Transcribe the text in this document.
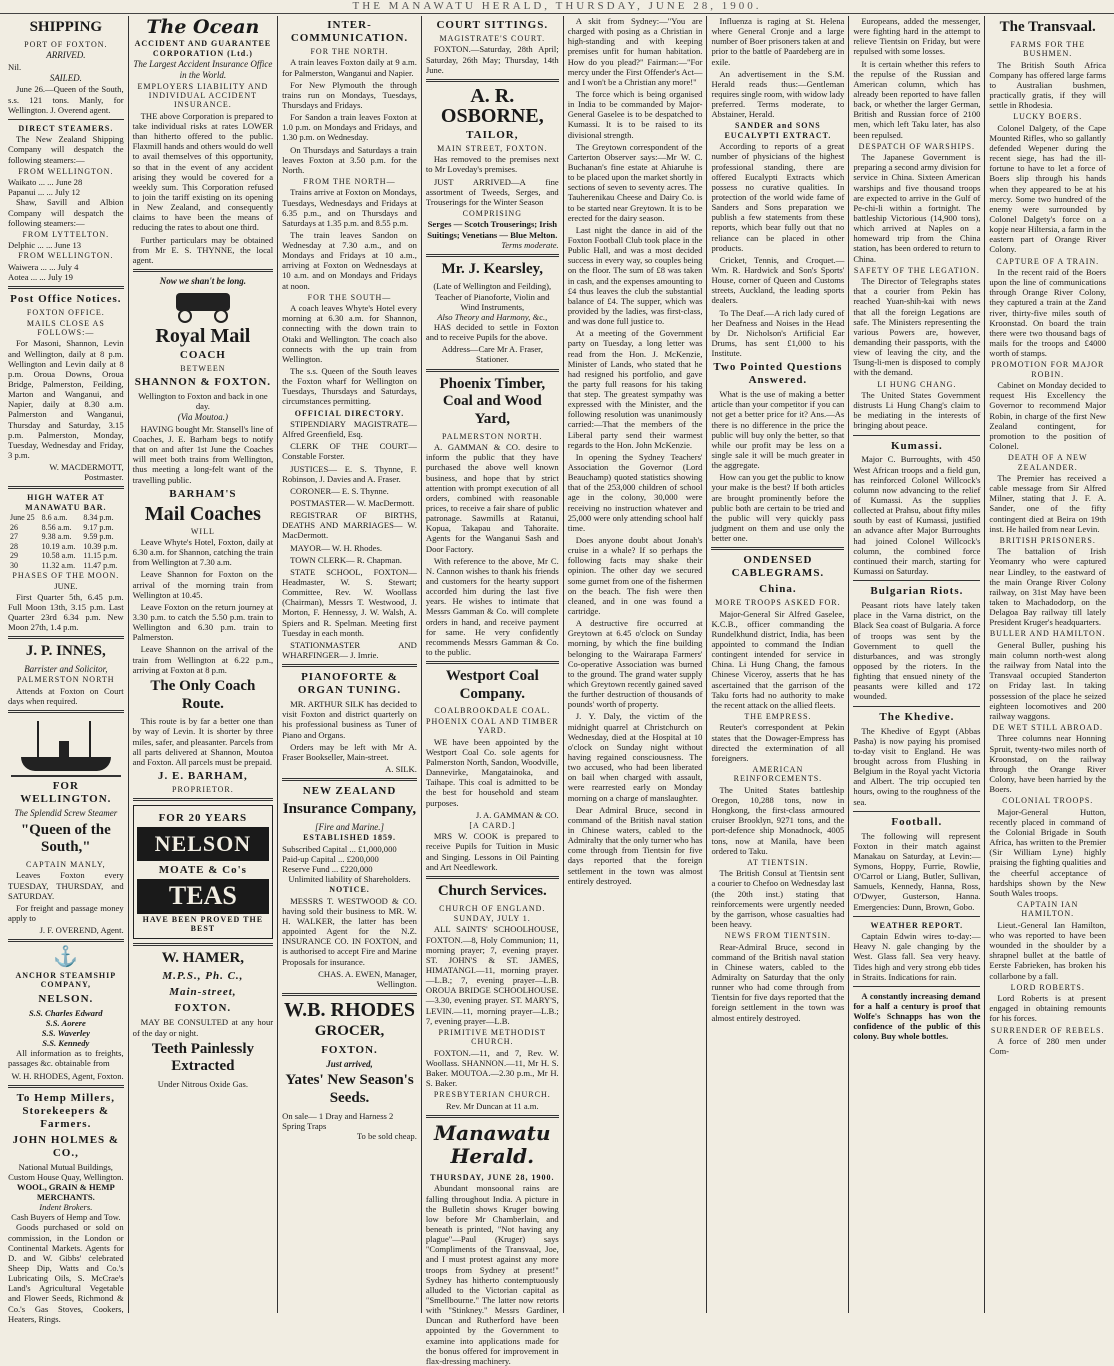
THE MANAWATU HERALD, THURSDAY, JUNE 28, 1900.
SHIPPING
PORT OF FOXTON.
ARRIVED.
Nil.
SAILED.

June 26.—Queen of the South, s.s. 121 tons. Manly, for Wellington. J. Overend agent.

DIRECT STEAMERS.

The New Zealand Shipping Company will despatch the following steamers:—

FROM WELLINGTON.
Waikato ... ... June 28
Papanui ... ... July 12

Shaw, Savill and Albion Company will despatch the following steamers:—

FROM LYTTELTON.
Delphic ... ... June 13
FROM WELLINGTON.
Waiwera ... ... July 4
Aotea ... ... July 19
Post Office Notices.
FOXTON OFFICE.
MAILS CLOSE AS FOLLOWS:—

For Masoni, Shannon, Levin and Wellington, daily at 8 p.m. Wellington and Levin daily at 8 p.m. Oroua Downs, Oroua Bridge, Palmerston, Feilding, Marton and Wanganui, and Napier, daily at 8.30 a.m. Palmerston and Wanganui, Thursday and Saturday, 3.15 p.m. Palmerston, Monday, Tuesday, Wednesday and Friday, 3 p.m.

W. MACDERMOTT, Postmaster.
HIGH WATER AT MANAWATU BAR.
June 25	8.6 a.m.	8.34 p.m.
26	8.56 a.m.	9.17 p.m.
27	9.38 a.m.	9.59 p.m.
28	10.19 a.m.	10.39 p.m.
29	10.58 a.m.	11.15 p.m.
30	11.32 a.m.	11.47 p.m.
PHASES OF THE MOON.
JUNE.

First Quarter 5th, 6.45 p.m. Full Moon 13th, 3.15 p.m. Last Quarter 23rd 6.34 p.m. New Moon 27th, 1.4 p.m.

J. P. INNES,
Barrister and Solicitor,
PALMERSTON NORTH

Attends at Foxton on Court days when required.

FOR WELLINGTON.
The Splendid Screw Steamer
"Queen of the South,"
CAPTAIN MANLY,

Leaves Foxton every TUESDAY, THURSDAY, and SATURDAY.

For freight and passage money apply to

J. F. OVEREND, Agent.
⚓
ANCHOR STEAMSHIP COMPANY,
NELSON.
S.S. Charles Edward
S.S. Aorere
S.S. Waverley
S.S. Kennedy

All information as to freights, passages &c. obtainable from

W. H. RHODES, Agent, Foxton.
To Hemp Millers, Storekeepers & Farmers.
JOHN HOLMES & CO.,
National Mutual Buildings, Custom House Quay, Wellington.
WOOL, GRAIN & HEMP MERCHANTS.
Indent Brokers.
Cash Buyers of Hemp and Tow.

Goods purchased or sold on commission, in the London or Continental Markets. Agents for D. and W. Gibbs' celebrated Sheep Dip, Watts and Co.'s Lubricating Oils, S. McCrae's Land's Agricultural Vegetable and Flower Seeds, Richmond & Co.'s Gas Stoves, Cookers, Heaters, Rings.

The Ocean
ACCIDENT AND GUARANTEE CORPORATION (Ltd.)
The Largest Accident Insurance Office in the World.
EMPLOYERS LIABILITY AND INDIVIDUAL ACCIDENT INSURANCE.

THE above Corporation is prepared to take individual risks at rates LOWER than hitherto offered to the public. Flaxmill hands and others would do well to avail themselves of this opportunity, so that in the event of any accident arising they would be covered for a weekly sum. This Corporation refused to join the tariff existing on its opening in New Zealand, and consequently claims to have been the means of reducing the rates to about one third.

Further particulars may be obtained from Mr E. S. THYNNE, the local agent.

Now we shan't be long.
Royal Mail
COACH
BETWEEN
SHANNON & FOXTON.
Wellington to Foxton and back in one day.
(Via Moutoa.)

HAVING bought Mr. Stansell's line of Coaches, J. E. Barham begs to notify that on and after 1st June the Coaches will meet both trains from Wellington, thus meeting a long-felt want of the travelling public.

BARHAM'S
Mail Coaches
WILL

Leave Whyte's Hotel, Foxton, daily at 6.30 a.m. for Shannon, catching the train from Wellington at 7.30 a.m.

Leave Shannon for Foxton on the arrival of the morning train from Wellington at 10.45.

Leave Foxton on the return journey at 3.30 p.m. to catch the 5.50 p.m. train to Wellington and 6.30 p.m. train to Palmerston.

Leave Shannon on the arrival of the train from Wellington at 6.22 p.m., arriving at Foxton at 8 p.m.

The Only Coach Route.

This route is by far a better one than by way of Levin. It is shorter by three miles, safer, and pleasanter. Parcels from all parts delivered at Shannon, Moutoa and Foxton. All parcels must be prepaid.

J. E. BARHAM,
PROPRIETOR.
FOR 20 YEARS
NELSON
MOATE & Co's
TEAS
HAVE BEEN PROVED THE BEST
W. HAMER,
M.P.S., Ph. C.,
Main-street,
FOXTON.

MAY BE CONSULTED at any hour of the day or night.

Teeth Painlessly Extracted
Under Nitrous Oxide Gas.
INTER-COMMUNICATION.
FOR THE NORTH.

A train leaves Foxton daily at 9 a.m. for Palmerston, Wanganui and Napier.

For New Plymouth the through trains run on Mondays, Tuesdays, Thursdays and Fridays.

For Sandon a train leaves Foxton at 1.0 p.m. on Mondays and Fridays, and 1.30 p.m. on Wednesday.

On Thursdays and Saturdays a train leaves Foxton at 3.50 p.m. for the North.

FROM THE NORTH—

Trains arrive at Foxton on Mondays, Tuesdays, Wednesdays and Fridays at 6.35 p.m., and on Thursdays and Saturdays at 1.35 p.m. and 8.55 p.m.

The train leaves Sandon on Wednesday at 7.30 a.m., and on Mondays and Fridays at 10 a.m., arriving at Foxton on Wednesdays at 10 a.m. and on Mondays and Fridays at noon.

FOR THE SOUTH—

A coach leaves Whyte's Hotel every morning at 6.30 a.m. for Shannon, connecting with the down train to Otaki and Wellington. The coach also connects with the up train from Wellington.

The s.s. Queen of the South leaves the Foxton wharf for Wellington on Tuesdays, Thursdays and Saturdays, circumstances permitting.

OFFICIAL DIRECTORY.

STIPENDIARY MAGISTRATE— Alfred Greenfield, Esq.

CLERK OF THE COURT— Constable Forster.

JUSTICES— E. S. Thynne, F. Robinson, J. Davies and A. Fraser.

CORONER— E. S. Thynne.

POSTMASTER— W. MacDermott.

REGISTRAR OF BIRTHS, DEATHS AND MARRIAGES— W. MacDermott.

MAYOR— W. H. Rhodes.

TOWN CLERK— R. Chapman.

STATE SCHOOL, FOXTON— Headmaster, W. S. Stewart; Committee, Rev. W. Woollass (Chairman), Messrs T. Westwood, J. Morton, F. Hennessy, J. W. Walsh, A. Spiers and R. Spelman. Meeting first Tuesday in each month.

STATIONMASTER AND WHARFINGER— J. Imrie.

PIANOFORTE & ORGAN TUNING.

MR. ARTHUR SILK has decided to visit Foxton and district quarterly on his professional business as Tuner of Piano and Organs.

Orders may be left with Mr A. Fraser Bookseller, Main-street.

A. SILK.
NEW ZEALAND
Insurance Company,
[Fire and Marine.]
ESTABLISHED 1859.
Subscribed Capital ... £1,000,000
Paid-up Capital ... £200,000
Reserve Fund ... £220,000
Unlimited liability of Shareholders.
NOTICE.

MESSRS T. WESTWOOD & CO. having sold their business to MR. W. H. WALKER, the latter has been appointed Agent for the N.Z. INSURANCE CO. IN FOXTON, and is authorised to accept Fire and Marine Proposals for insurance.

CHAS. A. EWEN, Manager, Wellington.
W.B. RHODES
GROCER,
FOXTON.
Just arrived,
Yates' New Season's Seeds.
On sale— 1 Dray and Harness 2 Spring Traps
To be sold cheap.
COURT SITTINGS.
MAGISTRATE'S COURT.

FOXTON.—Saturday, 28th April; Saturday, 26th May; Thursday, 14th June.

A. R. OSBORNE,
TAILOR,
MAIN STREET, FOXTON.

Has removed to the premises next to Mr Loveday's premises.

JUST ARRIVED—A fine assortment of Tweeds, Serges, and Trouserings for the Winter Season

COMPRISING
Serges — Scotch Trouserings; Irish Suitings; Venetians — Blue Melton.
Terms moderate.
Mr. J. Kearsley,
(Late of Wellington and Feilding), Teacher of Pianoforte, Violin and Wind Instruments,
Also Theory and Harmony, &c.,

HAS decided to settle in Foxton and to receive Pupils for the above.

Address—Care Mr A. Fraser, Stationer.
Phoenix Timber, Coal and Wood Yard,
PALMERSTON NORTH.

A. GAMMAN & CO. desire to inform the public that they have purchased the above well known business, and hope that by strict attention with prompt execution of all orders, combined with reasonable prices, to receive a fair share of public patronage. Sawmills at Ratanui, Kopua, Takapau and Tahoraite. Agents for the Wanganui Sash and Door Factory.

With reference to the above, Mr C. N. Cannon wishes to thank his friends and customers for the hearty support accorded him during the last five years. He wishes to intimate that Messrs Gamman & Co. will complete orders in hand, and receive payment for same. He very confidently recommends Messrs Gamman & Co. to the public.

Westport Coal Company.
COALBROOKDALE COAL.
PHOENIX COAL AND TIMBER YARD.

WE have been appointed by the Westport Coal Co. sole agents for Palmerston North, Sandon, Woodville, Dannevirke, Mangatainoka, and Taihape. This coal is admitted to be the best for household and steam purposes.

J. A. GAMMAN & CO.
[A CARD.]

MRS W. COOK is prepared to receive Pupils for Tuition in Music and Singing. Lessons in Oil Painting and Art Needlework.

Church Services.
CHURCH OF ENGLAND.
SUNDAY, JULY 1.

ALL SAINTS' SCHOOLHOUSE, FOXTON.—8, Holy Communion; 11, morning prayer; 7, evening prayer. ST. JOHN'S & ST. JAMES, HIMATANGI.—11, morning prayer.—L.B.; 7, evening prayer—L.B. OROUA BRIDGE SCHOOLHOUSE.—3.30, evening prayer. ST. MARY'S, LEVIN.—11, morning prayer—L.B.; 7, evening prayer—L.B.

PRIMITIVE METHODIST CHURCH.

FOXTON.—11, and 7, Rev. W. Woollass. SHANNON.—11, Mr H. S. Baker. MOUTOA.—2.30 p.m., Mr H. S. Baker.

PRESBYTERIAN CHURCH.
Rev. Mr Duncan at 11 a.m.
Manawatu Herald.
THURSDAY, JUNE 28, 1900.

Abundant monsoonal rains are falling throughout India. A picture in the Bulletin shows Kruger bowing low before Mr Chamberlain, and beneath is printed, "Not having any plague"—Paul (Kruger) says "Compliments of the Transvaal, Joe, and I must protest against any more troops from Sydney at present!" Sydney has hitherto contemptuously alluded to the Victorian capital as "Smellbourne." The latter now retorts with "Stinkney." Messrs Gardiner, Duncan and Rutherford have been appointed by the Government to examine into applications made for the bonus offered for improvement in flax-dressing machinery.

A skit from Sydney:—"You are charged with posing as a Christian in high-standing and with keeping premises unfit for human habitation. How do you plead?" Fairman:—"For mercy under the First Offender's Act—and I won't be a Christian any more!"

The force which is being organised in India to be commanded by Major-General Gaselee is to be despatched to Kumassi. It is to be raised to its divisional strength.

The Greytown correspondent of the Carterton Observer says:—Mr W. C. Buchanan's fine estate at Ahiaruhe is to be placed upon the market shortly in sections of seven to seventy acres. The Tauherenikau Cheese and Dairy Co. is to be started near Greytown. It is to be erected for the dairy season.

Last night the dance in aid of the Foxton Football Club took place in the Public Hall, and was a most decided success in every way, so couples being on the floor. The sum of £8 was taken in cash, and the expenses amounting to £4 thus leaves the club the substantial balance of £4. The supper, which was provided by the ladies, was first-class, and was done full justice to.

At a meeting of the Government party on Tuesday, a long letter was read from the Hon. J. McKenzie, Minister of Lands, who stated that he had resigned his portfolio, and gave the party full reasons for his taking that step. The greatest sympathy was expressed with the Minister, and the following resolution was unanimously carried:—That the members of the Liberal party send their warmest regards to the Hon. John McKenzie.

In opening the Sydney Teachers' Association the Governor (Lord Beauchamp) quoted statistics showing that of the 253,000 children of school age in the colony, 30,000 were receiving no instruction whatever and 25,000 were only attending school half time.

Does anyone doubt about Jonah's cruise in a whale? If so perhaps the following facts may shake their opinion. The other day we secured some gurnet from one of the fishermen on the beach. The fish were then cleaned, and in one was found a cartridge.

A destructive fire occurred at Greytown at 6.45 o'clock on Sunday morning, by which the fine building belonging to the Wairarapa Farmers' Co-operative Association was burned to the ground. The grand water supply which Greytown recently gained saved the further destruction of thousands of pounds' worth of property.

J. Y. Daly, the victim of the midnight quarrel at Christchurch on Wednesday, died at the Hospital at 10 o'clock on Sunday night without having regained consciousness. The two accused, who had been liberated on bail when charged with assault, were rearrested early on Monday morning on a charge of manslaughter.

Dear Admiral Bruce, second in command of the British naval station in Chinese waters, cabled to the Admiralty that the only turner who has come through from Tientsin for five days reported that the foreign settlement in the town was almost entirely destroyed.

Influenza is raging at St. Helena where General Cronje and a large number of Boer prisoners taken at and prior to the battle of Paardeberg are in exile.

An advertisement in the S.M. Herald reads thus:—Gentleman requires single room, with widow lady preferred. Terms moderate, to Abstainer, Herald.

SANDER and SONS EUCALYPTI EXTRACT.

According to reports of a great number of physicians of the highest professional standing, there are offered Eucalypti Extracts which possess no curative qualities. In protection of the world wide fame of Sanders and Sons preparation we publish a few statements from these reports, which bear fully out that no reliance can be placed in other products.

Cricket, Tennis, and Croquet.—Wm. R. Hardwick and Son's Sports' House, corner of Queen and Customs streets, Auckland, the leading sports dealers.

To The Deaf.—A rich lady cured of her Deafness and Noises in the Head by Dr. Nicholson's Artificial Ear Drums, has sent £1,000 to his Institute.

Two Pointed Questions Answered.

What is the use of making a better article than your competitor if you can not get a better price for it? Ans.—As there is no difference in the price the public will buy only the better, so that while our profit may be less on a single sale it will be much greater in the aggregate.

How can you get the public to know your make is the best? If both articles are brought prominently before the public both are certain to be tried and the public will very quickly pass judgment on them and use only the better one.

ONDENSED CABLEGRAMS.
China.
MORE TROOPS ASKED FOR.

Major-General Sir Alfred Gaselee, K.C.B., officer commanding the Rundelkhund district, India, has been appointed to command the Indian contingent intended for service in China. Li Hung Chang, the famous Chinese Viceroy, asserts that he has ascertained that the garrison of the Taku forts had no authority to make the recent attack on the allied fleets.

THE EMPRESS.

Reuter's correspondent at Pekin states that the Dowager-Empress has directed the extermination of all foreigners.

AMERICAN REINFORCEMENTS.

The United States battleship Oregon, 10,288 tons, now in Hongkong, the first-class armoured cruiser Brooklyn, 9271 tons, and the port-defence ship Monadnock, 4005 tons, now at Manila, have been ordered to Taku.

AT TIENTSIN.

The British Consul at Tientsin sent a courier to Chefoo on Wednesday last (the 20th inst.) stating that reinforcements were urgently needed by the garrison, whose casualties had been heavy.

NEWS FROM TIENTSIN.

Rear-Admiral Bruce, second in command of the British naval station in Chinese waters, cabled to the Admiralty on Saturday that the only runner who had come through from Tientsin for five days reported that the foreign settlement in the town was almost entirely destroyed.

Europeans, added the messenger, were fighting hard in the attempt to relieve Tientsin on Friday, but were repulsed with some losses.

It is certain whether this refers to the repulse of the Russian and American column, which has already been reported to have fallen back, or whether the larger German, British and Russian force of 2100 men, which left Taku later, has also been repulsed.

DESPATCH OF WARSHIPS.

The Japanese Government is preparing a second army division for service in China. Sixteen American warships and five thousand troops are expected to arrive in the Gulf of Pe-chi-li within a fortnight. The battleship Victorious (14,900 tons), which arrived at Naples on a homeward trip from the China station, has been ordered to return to China.

SAFETY OF THE LEGATION.

The Director of Telegraphs states that a courier from Pekin has reached Yuan-shih-kai with news that all the foreign Legations are safe. The Ministers representing the various Powers are, however, demanding their passports, with the view of leaving the city, and the Tsung-li-men is disposed to comply with the demand.

LI HUNG CHANG.

The United States Government distrusts Li Hung Chang's claim to be mediating in the interests of bringing about peace.

Kumassi.

Major C. Burroughts, with 450 West African troops and a field gun, has reinforced Colonel Willcock's column now advancing to the relief of Kumassi. As the supplies collected at Prahsu, about fifty miles south by east of Kumassi, justified an advance after Major Burroughts had joined Colonel Willcock's column, the combined force continued their march, starting for Kumassi on Saturday.

Bulgarian Riots.

Peasant riots have lately taken place in the Varna district, on the Black Sea coast of Bulgaria. A force of troops was sent by the Government to quell the disturbances, and was strongly opposed by the rioters. In the fighting that ensued ninety of the peasants were killed and 172 wounded.

The Khedive.

The Khedive of Egypt (Abbas Pasha) is now paying his promised to-day visit to England. He was brought across from Flushing in Belgium in the Royal yacht Victoria and Albert. The trip occupied ten hours, owing to the roughness of the sea.

Football.

The following will represent Foxton in their match against Manakau on Saturday, at Levin:—Symons, Hoppy, Furrie, Rowlie, O'Carrol or Liang, Butler, Sullivan, Samuels, Kennedy, Hanna, Ross, O'Dwyer, Gusterson, Hanna. Emergencies: Dunn, Brown, Gobo.

WEATHER REPORT.

Captain Edwin wires to-day:—Heavy N. gale changing by the West. Glass fall. Sea very heavy. Tides high and very strong ebb tides in Straits. Indications for rain.

A constantly increasing demand for a half a century is proof that Wolfe's Schnapps has won the confidence of the public of this colony. Buy whole bottles.

The Transvaal.
FARMS FOR THE BUSHMEN.

The British South Africa Company has offered large farms to Australian bushmen, practically gratis, if they will settle in Rhodesia.

LUCKY BOERS.

Colonel Dalgety, of the Cape Mounted Rifles, who so gallantly defended Wepener during the recent siege, has had the ill-fortune to have to let a force of Boers slip through his hands when they appeared to be at his mercy. Some two hundred of the enemy were surrounded by Colonel Dalgety's force on a kopje near Hiltersia, a farm in the eastern part of Orange River Colony.

CAPTURE OF A TRAIN.

In the recent raid of the Boers upon the line of communications through Orange River Colony, they captured a train at the Zand river, thirty-five miles south of Kroonstad. On board the train there were two thousand bags of mails for the troops and £4000 worth of stamps.

PROMOTION FOR MAJOR ROBIN.

Cabinet on Monday decided to request His Excellency the Governor to recommend Major Robin, in charge of the first New Zealand contingent, for promotion to the position of Colonel.

DEATH OF A NEW ZEALANDER.

The Premier has received a cable message from Sir Alfred Milner, stating that J. F. A. Sander, one of the fifty contingent died at Beira on 19th inst. He hailed from near Levin.

BRITISH PRISONERS.

The battalion of Irish Yeomanry who were captured near Lindley, to the eastward of the main Orange River Colony railway, on 31st May have been taken to Machadodorp, on the Delagoa Bay railway till lately President Kruger's headquarters.

BULLER AND HAMILTON.

General Buller, pushing his main column north-west along the railway from Natal into the Transvaal occupied Standerton on Friday last. In taking possession of the place he seized eighteen locomotives and 200 railway waggons.

DE WET STILL ABROAD.

Three columns near Honning Spruit, twenty-two miles north of Kroonstad, on the railway through the Orange River Colony, have been harried by the Boers.

COLONIAL TROOPS.

Major-General Hutton, recently placed in command of the Colonial Brigade in South Africa, has written to the Premier (Sir William Lyne) highly praising the fighting qualities and the cheerful acceptance of hardships shown by the New South Wales troops.

CAPTAIN IAN HAMILTON.

Lieut.-General Ian Hamilton, who was reported to have been wounded in the shoulder by a shrapnel bullet at the battle of Eerste Fabrieken, has broken his collarbone by a fall.

LORD ROBERTS.

Lord Roberts is at present engaged in obtaining remounts for his forces.

SURRENDER OF REBELS.

A force of 280 men under Com-
